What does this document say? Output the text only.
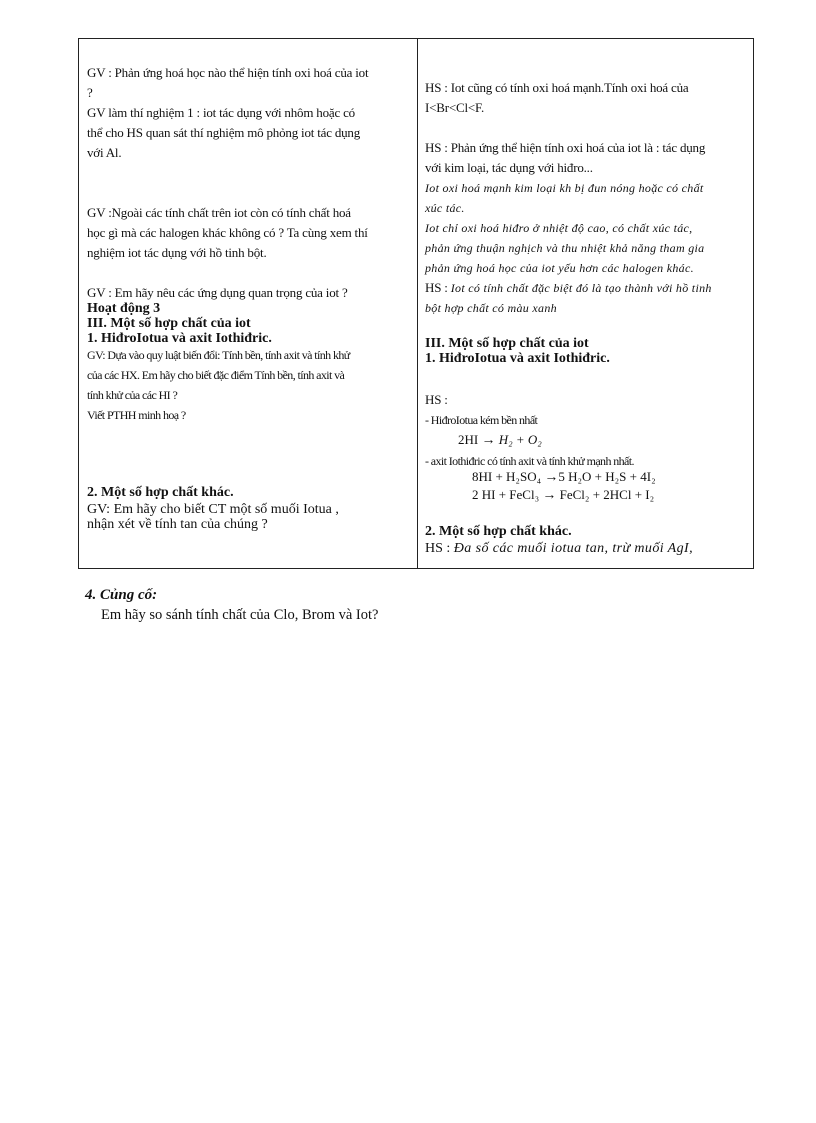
GV : Phản ứng hoá học nào thể hiện tính oxi hoá của iot

?

GV làm thí nghiệm 1 : iot tác dụng với nhôm hoặc có

thể cho HS quan sát thí nghiệm mô phỏng iot tác dụng

với Al.

GV :Ngoài các tính chất trên iot còn có tính chất hoá

học gì mà các halogen khác không có ? Ta cùng xem thí

nghiệm iot tác dụng với hồ tinh bột.

GV : Em hãy nêu các ứng dụng quan trọng của iot ?

Hoạt động 3

III. Một số hợp chất của iot

1. HiđroIotua và axit Iothiđric.

GV: Dựa vào quy luật biến đổi: Tính bền, tính axit và tính khử

của các HX. Em hãy cho biết đặc điểm Tính bền, tính axit và

tính khử của các HI ?

Viết PTHH minh hoạ ?

2. Một số hợp chất khác.

GV: Em hãy cho biết CT một số muối Iotua ,

nhận xét về tính tan của chúng ?

HS : Iot cũng có tính oxi hoá mạnh.Tính oxi hoá của

I<Br<Cl<F.

HS : Phản ứng thể hiện tính oxi hoá của iot là : tác dụng

với kim loại, tác dụng với hiđro...

Iot oxi hoá mạnh kim loại kh bị đun nóng hoặc có chất

xúc tác.

Iot chỉ oxi hoá hiđro ở nhiệt độ cao, có chất xúc tác,

phản ứng thuận nghịch và thu nhiệt khả năng tham gia

phản ứng hoá học của iot yếu hơn các halogen khác.

HS : Iot có tính chất đặc biệt đó là tạo thành với hồ tinh

bột hợp chất có màu xanh

III. Một số hợp chất của iot

1. HiđroIotua và axit Iothiđric.

HS :

- HiđroIotua kém bền nhất

2HI → H₂ + O₂

- axit Iothiđric có tính axit và tính khử mạnh nhất.

8HI + H₂SO₄ →5 H₂O + H₂S + 4I₂

2 HI + FeCl₃ → FeCl₂ + 2HCl + I₂

2. Một số hợp chất khác.

HS : Đa số các muối iotua tan, trừ muối AgI,

4. Củng cố:

Em hãy so sánh tính chất của Clo, Brom và Iot?
